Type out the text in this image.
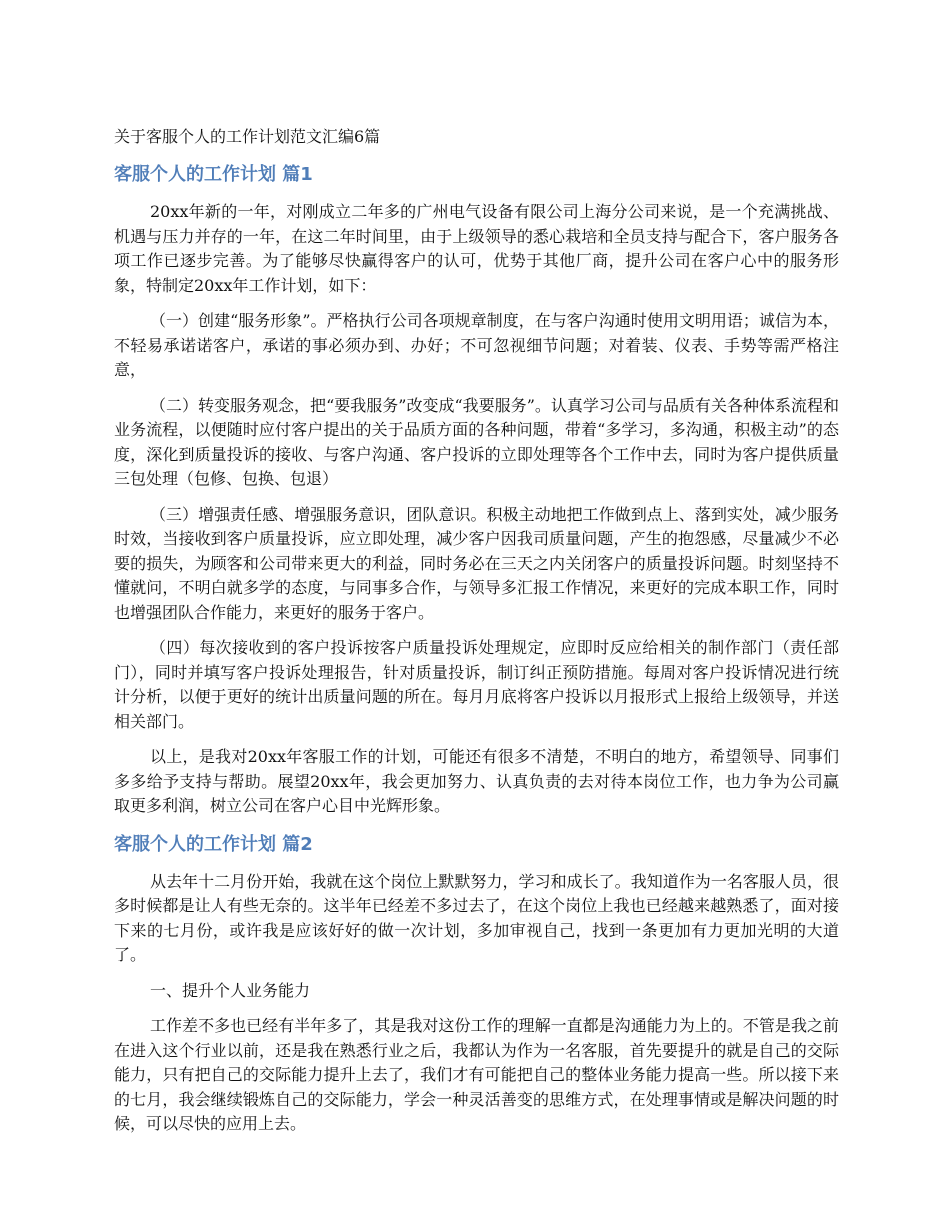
关于客服个人的工作计划范文汇编6篇
客服个人的工作计划 篇1

20xx年新的一年，对刚成立二年多的广州电气设备有限公司上海分公司来说，是一个充满挑战、机遇与压力并存的一年，在这二年时间里，由于上级领导的悉心栽培和全员支持与配合下，客户服务各项工作已逐步完善。为了能够尽快赢得客户的认可，优势于其他厂商，提升公司在客户心中的服务形象，特制定20xx年工作计划，如下：

（一）创建“服务形象”。严格执行公司各项规章制度，在与客户沟通时使用文明用语；诚信为本，不轻易承诺诺客户，承诺的事必须办到、办好；不可忽视细节问题；对着装、仪表、手势等需严格注意，

（二）转变服务观念，把“要我服务”改变成“我要服务”。认真学习公司与品质有关各种体系流程和业务流程，以便随时应付客户提出的关于品质方面的各种问题，带着“多学习，多沟通，积极主动”的态度，深化到质量投诉的接收、与客户沟通、客户投诉的立即处理等各个工作中去，同时为客户提供质量三包处理（包修、包换、包退）

（三）增强责任感、增强服务意识，团队意识。积极主动地把工作做到点上、落到实处，减少服务时效，当接收到客户质量投诉，应立即处理，减少客户因我司质量问题，产生的抱怨感，尽量减少不必要的损失，为顾客和公司带来更大的利益，同时务必在三天之内关闭客户的质量投诉问题。时刻坚持不懂就问，不明白就多学的态度，与同事多合作，与领导多汇报工作情况，来更好的完成本职工作，同时也增强团队合作能力，来更好的服务于客户。

（四）每次接收到的客户投诉按客户质量投诉处理规定，应即时反应给相关的制作部门（责任部门），同时并填写客户投诉处理报告，针对质量投诉，制订纠正预防措施。每周对客户投诉情况进行统计分析，以便于更好的统计出质量问题的所在。每月月底将客户投诉以月报形式上报给上级领导，并送相关部门。

以上，是我对20xx年客服工作的计划，可能还有很多不清楚，不明白的地方，希望领导、同事们多多给予支持与帮助。展望20xx年，我会更加努力、认真负责的去对待本岗位工作，也力争为公司赢取更多利润，树立公司在客户心目中光辉形象。

客服个人的工作计划 篇2

从去年十二月份开始，我就在这个岗位上默默努力，学习和成长了。我知道作为一名客服人员，很多时候都是让人有些无奈的。这半年已经差不多过去了，在这个岗位上我也已经越来越熟悉了，面对接下来的七月份，或许我是应该好好的做一次计划，多加审视自己，找到一条更加有力更加光明的大道了。

一、提升个人业务能力

工作差不多也已经有半年多了，其是我对这份工作的理解一直都是沟通能力为上的。不管是我之前在进入这个行业以前，还是我在熟悉行业之后，我都认为作为一名客服，首先要提升的就是自己的交际能力，只有把自己的交际能力提升上去了，我们才有可能把自己的整体业务能力提高一些。所以接下来的七月，我会继续锻炼自己的交际能力，学会一种灵活善变的思维方式，在处理事情或是解决问题的时候，可以尽快的应用上去。
